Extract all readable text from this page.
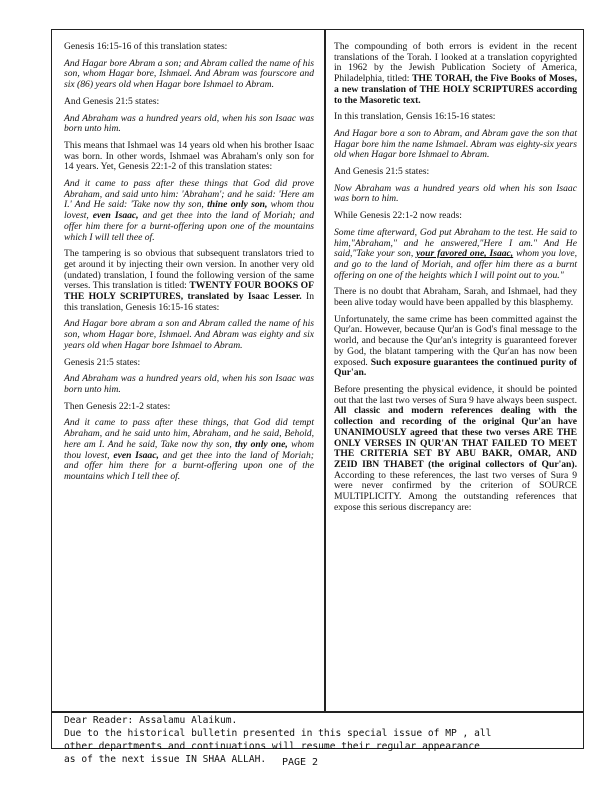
Genesis 16:15-16 of this translation states:

And Hagar bore Abram a son; and Abram called the name of his son, whom Hagar bore, Ishmael. And Abram was fourscore and six (86) years old when Hagar bore Ishmael to Abram.

And Genesis 21:5 states:

And Abraham was a hundred years old, when his son Isaac was born unto him.

This means that Ishmael was 14 years old when his brother Isaac was born. In other words, Ishmael was Abraham's only son for 14 years. Yet, Genesis 22:1-2 of this translation states:

And it came to pass after these things that God did prove Abraham, and said unto him: 'Abraham'; and he said: 'Here am I.' And He said: 'Take now thy son, thine only son, whom thou lovest, even Isaac, and get thee into the land of Moriah; and offer him there for a burnt-offering upon one of the mountains which I will tell thee of.

The tampering is so obvious that subsequent translators tried to get around it by injecting their own version. In another very old (undated) translation, I found the following version of the same verses. This translation is titled: TWENTY FOUR BOOKS OF THE HOLY SCRIPTURES, translated by Isaac Lesser. In this translation, Genesis 16:15-16 states:

And Hagar bore abram a son and Abram called the name of his son, whom Hagar bore, Ishmael. And Abram was eighty and six years old when Hagar bore Ishmael to Abram.

Genesis 21:5 states:

And Abraham was a hundred years old, when his son Isaac was born unto him.

Then Genesis 22:1-2 states:

And it came to pass after these things, that God did tempt Abraham, and he said unto him, Abraham, and he said, Behold, here am I. And he said, Take now thy son, thy only one, whom thou lovest, even Isaac, and get thee into the land of Moriah; and offer him there for a burnt-offering upon one of the mountains which I tell thee of.

The compounding of both errors is evident in the recent translations of the Torah. I looked at a translation copyrighted in 1962 by the Jewish Publication Society of America, Philadelphia, titled: THE TORAH, the Five Books of Moses, a new translation of THE HOLY SCRIPTURES according to the Masoretic text.

In this translation, Gensis 16:15-16 states:

And Hagar bore a son to Abram, and Abram gave the son that Hagar bore him the name Ishmael. Abram was eighty-six years old when Hagar bore Ishmael to Abram.

And Genesis 21:5 states:

Now Abraham was a hundred years old when his son Isaac was born to him.

While Genesis 22:1-2 now reads:

Some time afterward, God put Abraham to the test. He said to him,"Abraham," and he answered,"Here I am." And He said,"Take your son, your favored one, Isaac, whom you love, and go to the land of Moriah, and offer him there as a burnt offering on one of the heights which I will point out to you."

There is no doubt that Abraham, Sarah, and Ishmael, had they been alive today would have been appalled by this blasphemy.

Unfortunately, the same crime has been committed against the Qur'an. However, because Qur'an is God's final message to the world, and because the Qur'an's integrity is guaranteed forever by God, the blatant tampering with the Qur'an has now been exposed. Such exposure guarantees the continued purity of Qur'an.

Before presenting the physical evidence, it should be pointed out that the last two verses of Sura 9 have always been suspect. All classic and modern references dealing with the collection and recording of the original Qur'an have UNANIMOUSLY agreed that these two verses ARE THE ONLY VERSES IN QUR'AN THAT FAILED TO MEET THE CRITERIA SET BY ABU BAKR, OMAR, AND ZEID IBN THABET (the original collectors of Qur'an). According to these references, the last two verses of Sura 9 were never confirmed by the criterion of SOURCE MULTIPLICITY. Among the outstanding references that expose this serious discrepancy are:

Dear Reader: Assalamu Alaikum.
Due to the historical bulletin presented in this special issue of MP , all
other departments and continuations will resume their regular appearance
as of the next issue IN SHAA ALLAH.	PAGE 2
